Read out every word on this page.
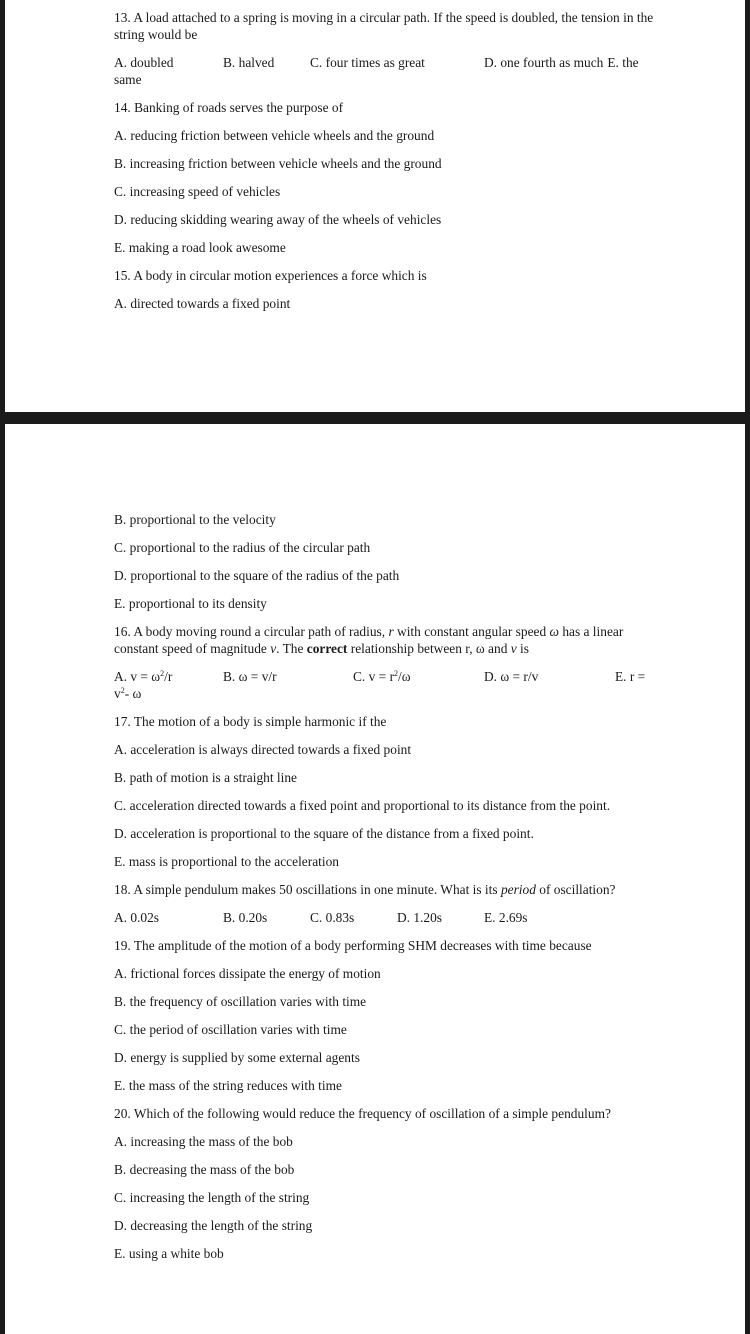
13. A load attached to a spring is moving in a circular path. If the speed is doubled, the tension in the string would be

A. doubled	B. halved	C. four times as great	D. one fourth as much E. the

same

14. Banking of roads serves the purpose of

A. reducing friction between vehicle wheels and the ground

B. increasing friction between vehicle wheels and the ground

C. increasing speed of vehicles

D. reducing skidding wearing away of the wheels of vehicles

E. making a road look awesome

15. A body in circular motion experiences a force which is

A. directed towards a fixed point

B. proportional to the velocity

C. proportional to the radius of the circular path

D. proportional to the square of the radius of the path

E. proportional to its density

16. A body moving round a circular path of radius, r with constant angular speed ω has a linear constant speed of magnitude v. The correct relationship between r, ω and v is

A. $v = \omega^2/r$	B. ω = v/r	C. $v = r^2/\omega$	D. ω = r/v	E. r =

$v^2-$ ω

17. The motion of a body is simple harmonic if the

A. acceleration is always directed towards a fixed point

B. path of motion is a straight line

C. acceleration directed towards a fixed point and proportional to its distance from the point.

D. acceleration is proportional to the square of the distance from a fixed point.

E. mass is proportional to the acceleration

18. A simple pendulum makes 50 oscillations in one minute. What is its period of oscillation?

A. 0.02s	B. 0.20s	C. 0.83s	D. 1.20s	E. 2.69s

19. The amplitude of the motion of a body performing SHM decreases with time because

A. frictional forces dissipate the energy of motion

B. the frequency of oscillation varies with time

C. the period of oscillation varies with time

D. energy is supplied by some external agents

E. the mass of the string reduces with time

20. Which of the following would reduce the frequency of oscillation of a simple pendulum?

A. increasing the mass of the bob

B. decreasing the mass of the bob

C. increasing the length of the string

D. decreasing the length of the string

E. using a white bob
